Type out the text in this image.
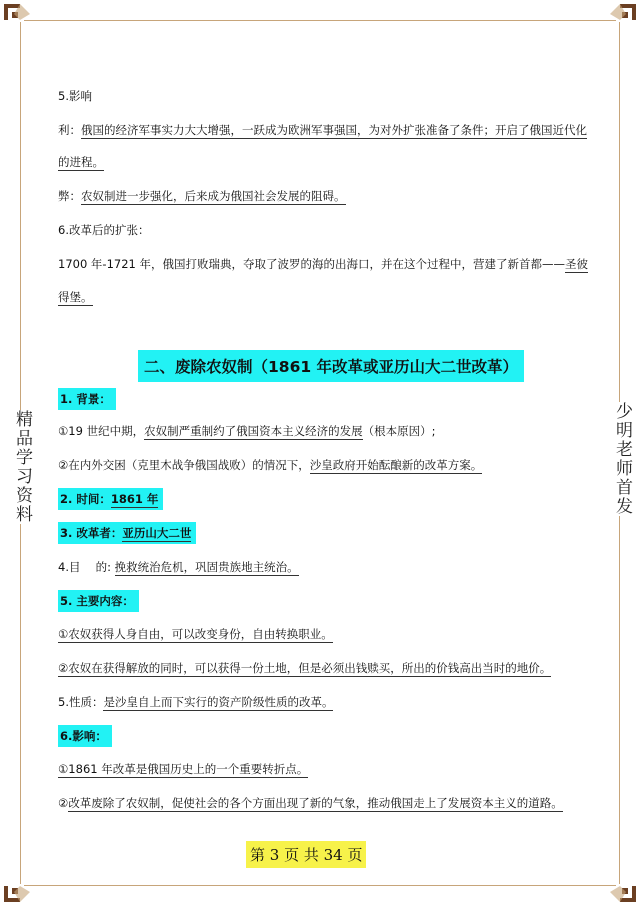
精品学习资料	少明老师首发

5.影响

利：俄国的经济军事实力大大增强，一跃成为欧洲军事强国，为对外扩张准备了条件；开启了俄国近代化

的进程。

弊：农奴制进一步强化，后来成为俄国社会发展的阻碍。

6.改革后的扩张：

1700 年-1721 年，俄国打败瑞典，夺取了波罗的海的出海口，并在这个过程中，营建了新首都——圣彼

得堡。

二、废除农奴制（1861 年改革或亚历山大二世改革）

1. 背景：

①19 世纪中期，农奴制严重制约了俄国资本主义经济的发展（根本原因）;

②在内外交困（克里木战争俄国战败）的情况下，沙皇政府开始酝酿新的改革方案。

2. 时间：1861 年

3. 改革者：亚历山大二世

4.目　 的: 挽救统治危机，巩固贵族地主统治。

5. 主要内容：

①农奴获得人身自由，可以改变身份，自由转换职业。

②农奴在获得解放的同时，可以获得一份土地，但是必须出钱赎买，所出的价钱高出当时的地价。

5.性质：是沙皇自上而下实行的资产阶级性质的改革。

6.影响：

①1861 年改革是俄国历史上的一个重要转折点。

②改革废除了农奴制，促使社会的各个方面出现了新的气象，推动俄国走上了发展资本主义的道路。

第 3 页 共 34 页
